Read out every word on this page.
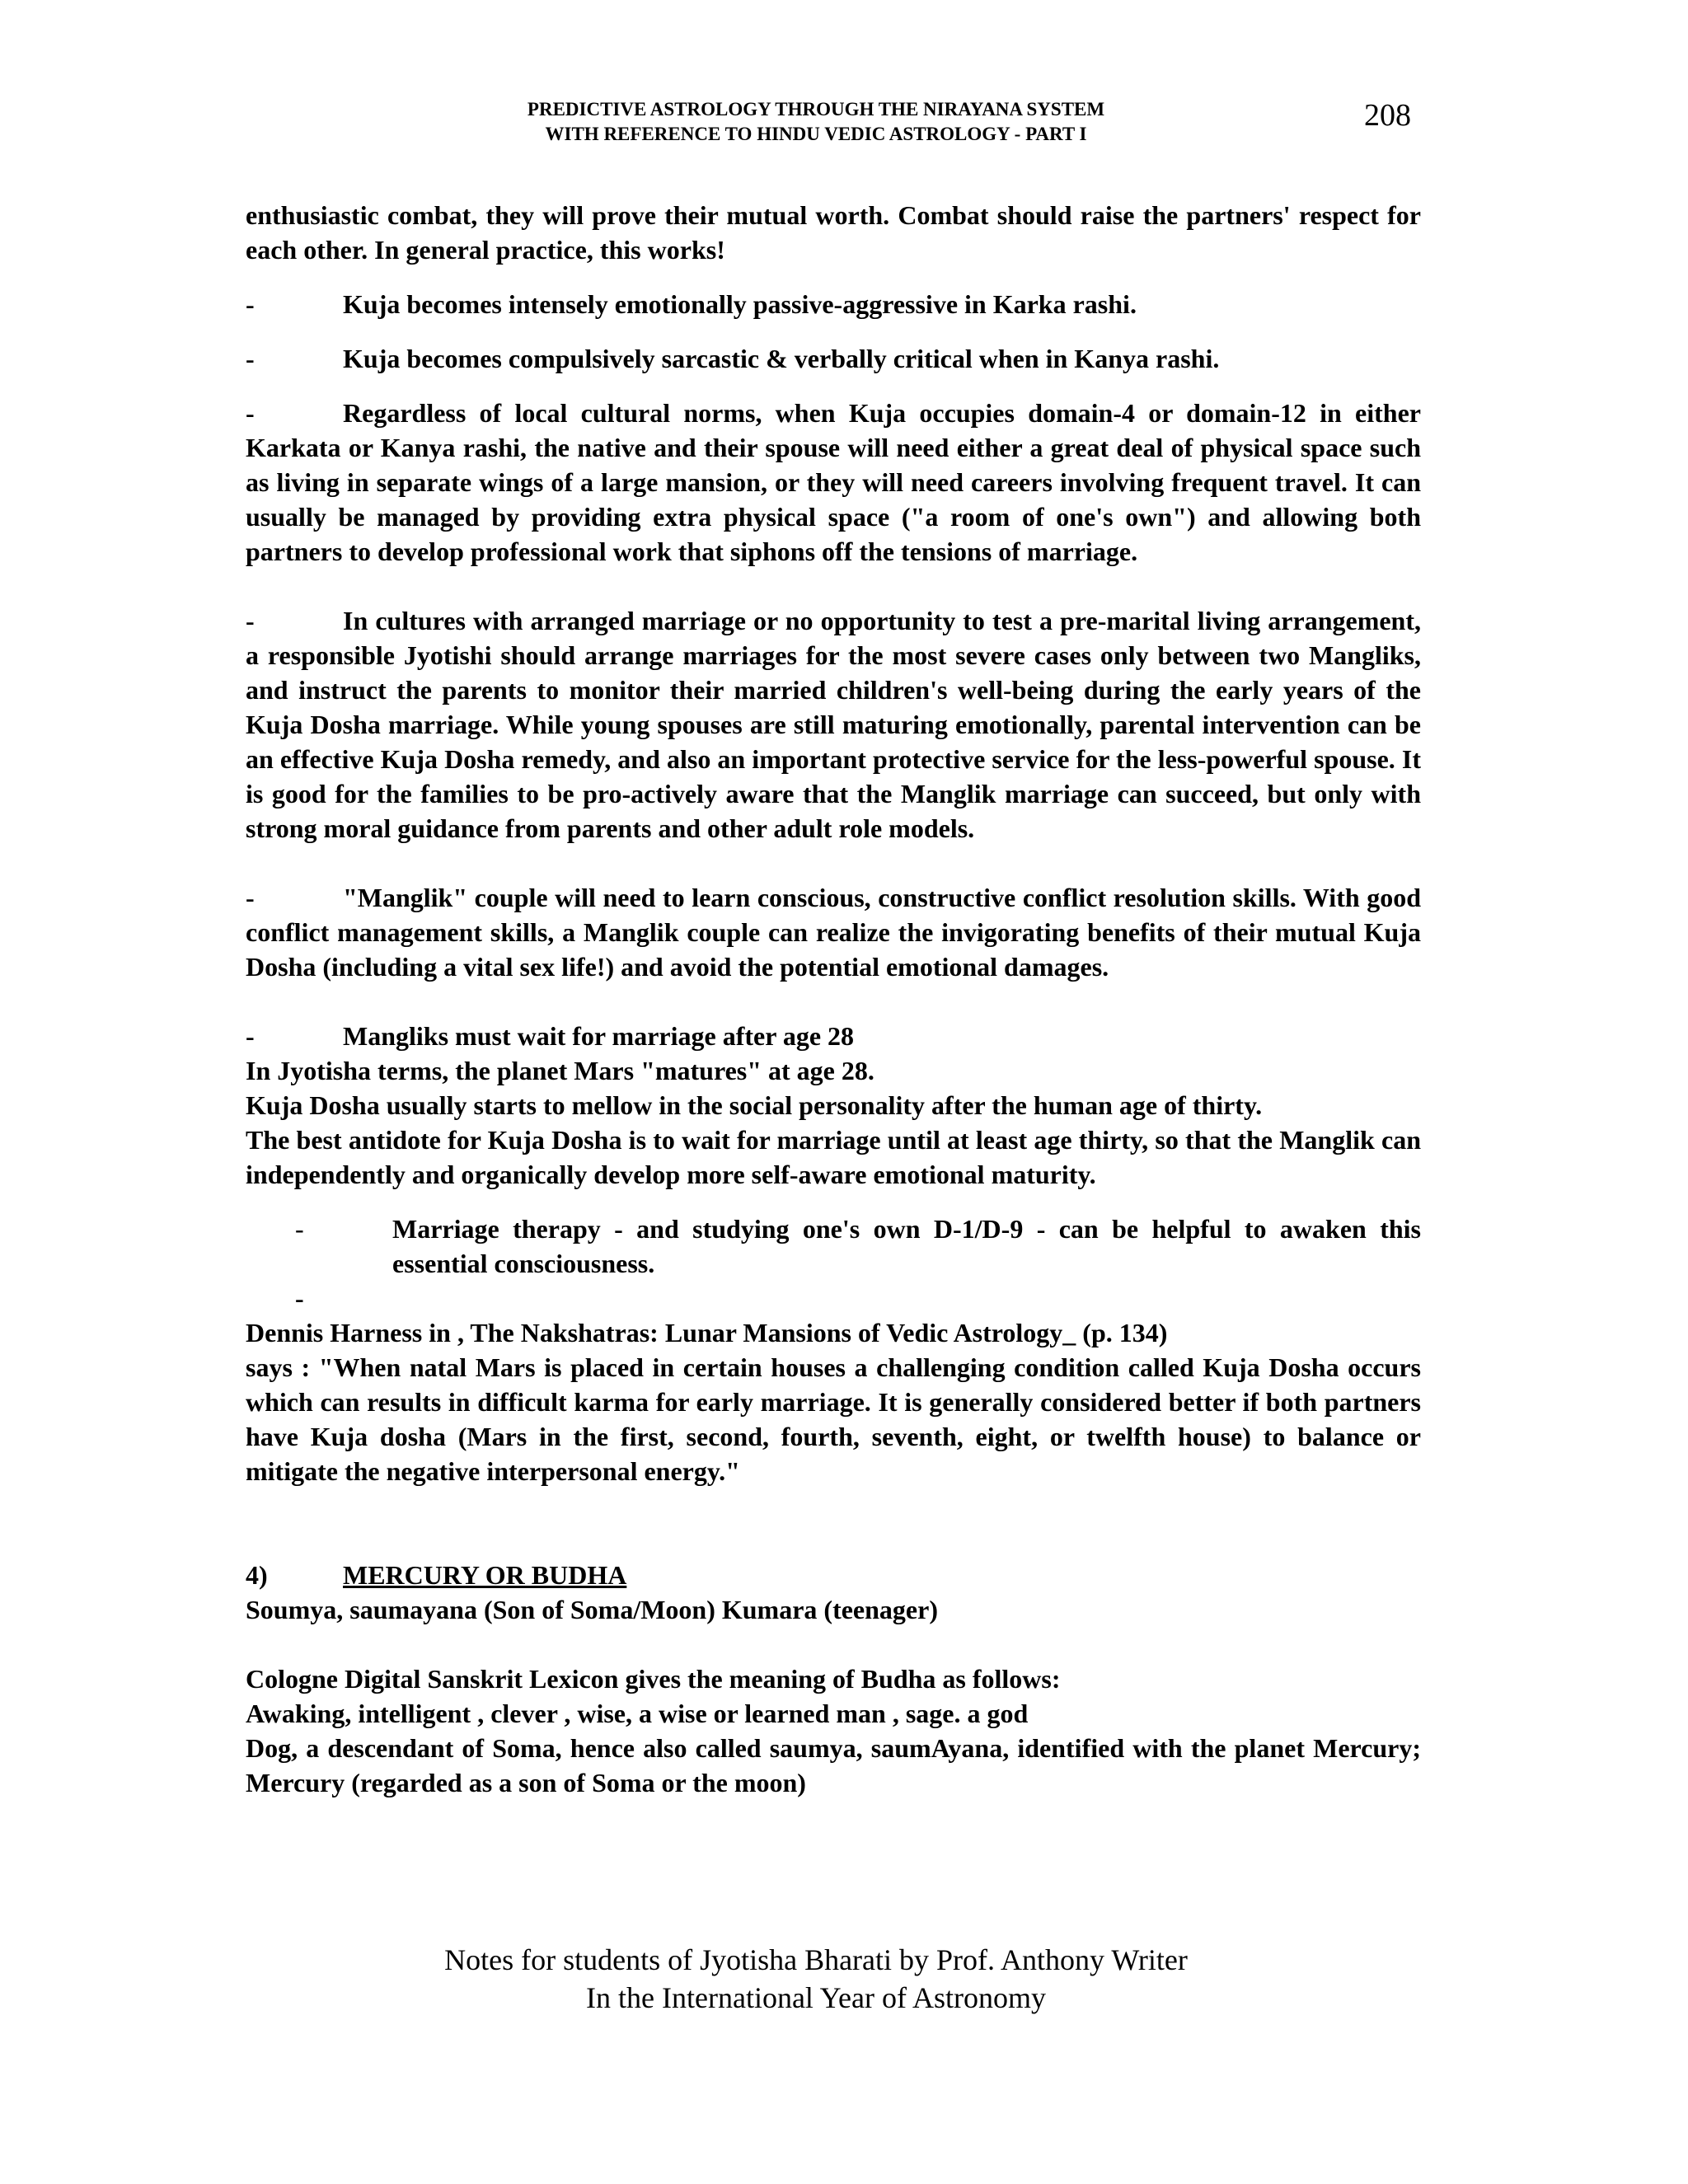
PREDICTIVE ASTROLOGY THROUGH THE NIRAYANA SYSTEM
WITH REFERENCE TO HINDU VEDIC ASTROLOGY - PART I
208

enthusiastic combat, they will prove their mutual worth. Combat should raise the partners' respect for each other. In general practice, this works!

-	Kuja becomes intensely emotionally passive-aggressive in Karka rashi.
-	Kuja becomes compulsively sarcastic & verbally critical when in Kanya rashi.

-	Regardless of local cultural norms, when Kuja occupies domain-4 or domain-12 in either Karkata or Kanya rashi, the native and their spouse will need either a great deal of physical space such as living in separate wings of a large mansion, or they will need careers involving frequent travel. It can usually be managed by providing extra physical space ("a room of one's own") and allowing both partners to develop professional work that siphons off the tensions of marriage.

-	In cultures with arranged marriage or no opportunity to test a pre-marital living arrangement, a responsible Jyotishi should arrange marriages for the most severe cases only between two Mangliks, and instruct the parents to monitor their married children's well-being during the early years of the Kuja Dosha marriage. While young spouses are still maturing emotionally, parental intervention can be an effective Kuja Dosha remedy, and also an important protective service for the less-powerful spouse. It is good for the families to be pro-actively aware that the Manglik marriage can succeed, but only with strong moral guidance from parents and other adult role models.

-	"Manglik" couple will need to learn conscious, constructive conflict resolution skills. With good conflict management skills, a Manglik couple can realize the invigorating benefits of their mutual Kuja Dosha (including a vital sex life!) and avoid the potential emotional damages.

-	Mangliks must wait for marriage after age 28

In Jyotisha terms, the planet Mars "matures" at age 28.

Kuja Dosha usually starts to mellow in the social personality after the human age of thirty.

The best antidote for Kuja Dosha is to wait for marriage until at least age thirty, so that the Manglik can independently and organically develop more self-aware emotional maturity.

-	Marriage therapy - and studying one's own D-1/D-9 - can be helpful to awaken this essential consciousness.
-

Dennis Harness in , The Nakshatras: Lunar Mansions of Vedic Astrology_ (p. 134)

says : "When natal Mars is placed in certain houses a challenging condition called Kuja Dosha occurs which can results in difficult karma for early marriage. It is generally considered better if both partners have Kuja dosha (Mars in the first, second, fourth, seventh, eight, or twelfth house) to balance or mitigate the negative interpersonal energy."

4)	MERCURY OR BUDHA

Soumya, saumayana (Son of Soma/Moon) Kumara (teenager)

Cologne Digital Sanskrit Lexicon gives the meaning of Budha as follows:

Awaking, intelligent , clever , wise, a wise or learned man , sage. a god

Dog, a descendant of Soma, hence also called saumya, saumAyana, identified with the planet Mercury; Mercury (regarded as a son of Soma or the moon)

Notes for students of Jyotisha Bharati by Prof. Anthony Writer
In the International Year of Astronomy
